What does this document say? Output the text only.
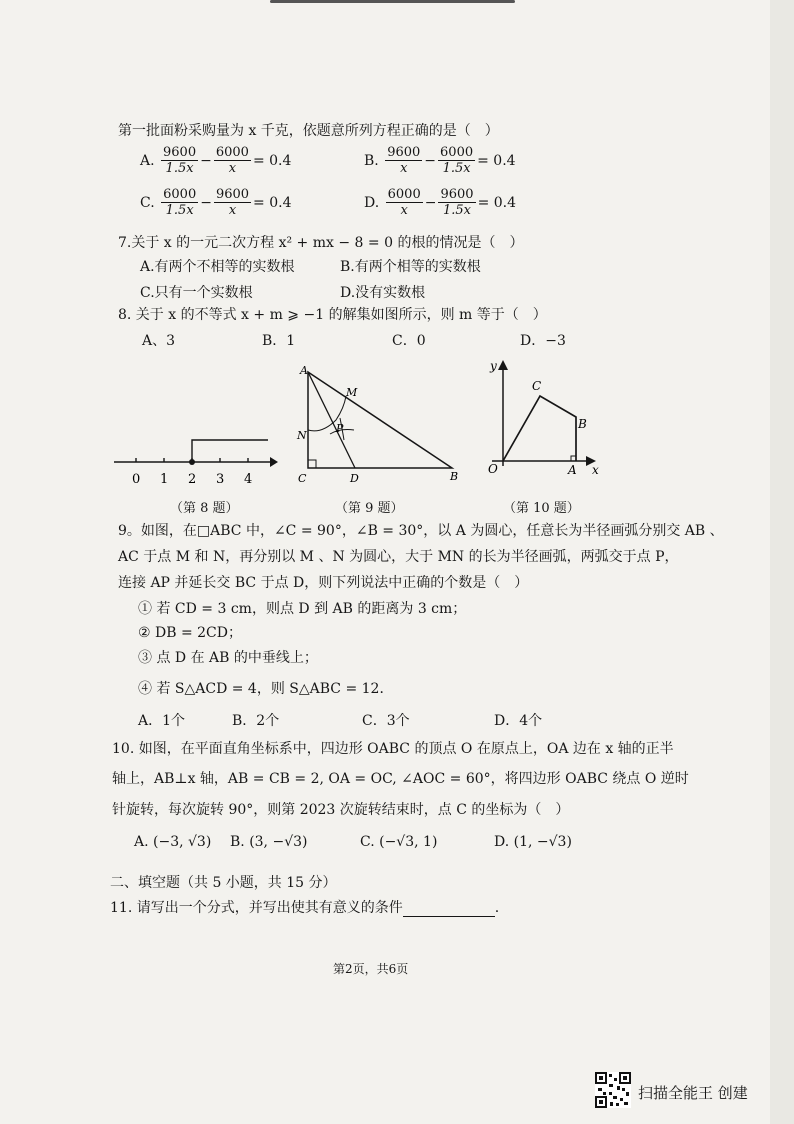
第一批面粉采购量为 x 千克，依题意所列方程正确的是（　）
A.
$\frac{9600}{1.5x} - \frac{6000}{x} = 0.4$	B.
$\frac{9600}{x} - \frac{6000}{1.5x} = 0.4$
C.
$\frac{6000}{1.5x} - \frac{9600}{x} = 0.4$	D.
$\frac{6000}{x} - \frac{9600}{1.5x} = 0.4$
7.关于 x 的一元二次方程 x² + mx − 8 = 0 的根的情况是（　）
A.有两个不相等的实数根	B.有两个相等的实数根
C.只有一个实数根	D.没有实数根
8. 关于 x 的不等式 x + m ⩾ −1 的解集如图所示，则 m 等于（　）
A、3	B．1	C．0	D．−3
0 1 2 3 4
（第 8 题）
A
N
M
P
C	D	B
（第 9 题）
y
x
O	A
B
C
（第 10 题）
9。如图，在□ABC 中，∠C = 90°，∠B = 30°，以 A 为圆心，任意长为半径画弧分别交 AB 、
AC 于点 M 和 N，再分别以 M 、N 为圆心，大于 MN 的长为半径画弧，两弧交于点 P，
连接 AP 并延长交 BC 于点 D，则下列说法中正确的个数是（　）
① 若 CD = 3 cm，则点 D 到 AB 的距离为 3 cm；
② DB = 2CD；
③ 点 D 在 AB 的中垂线上；
④ 若 S△ACD = 4，则 S△ABC = 12．
A．1个	B．2个	C．3个	D．4个
10. 如图，在平面直角坐标系中，四边形 OABC 的顶点 O 在原点上，OA 边在 x 轴的正半
轴上，AB⊥x 轴，AB = CB = 2, OA = OC, ∠AOC = 60°，将四边形 OABC 绕点 O 逆时
针旋转，每次旋转 90°，则第 2023 次旋转结束时，点 C 的坐标为（　）
A. (−3, √3) B. (3, −√3)	C. (−√3, 1)	D. (1, −√3)
二、填空题（共 5 小题，共 15 分）
11. 请写出一个分式，并写出使其有意义的条件	.
第2页，共6页
扫描全能王 创建
